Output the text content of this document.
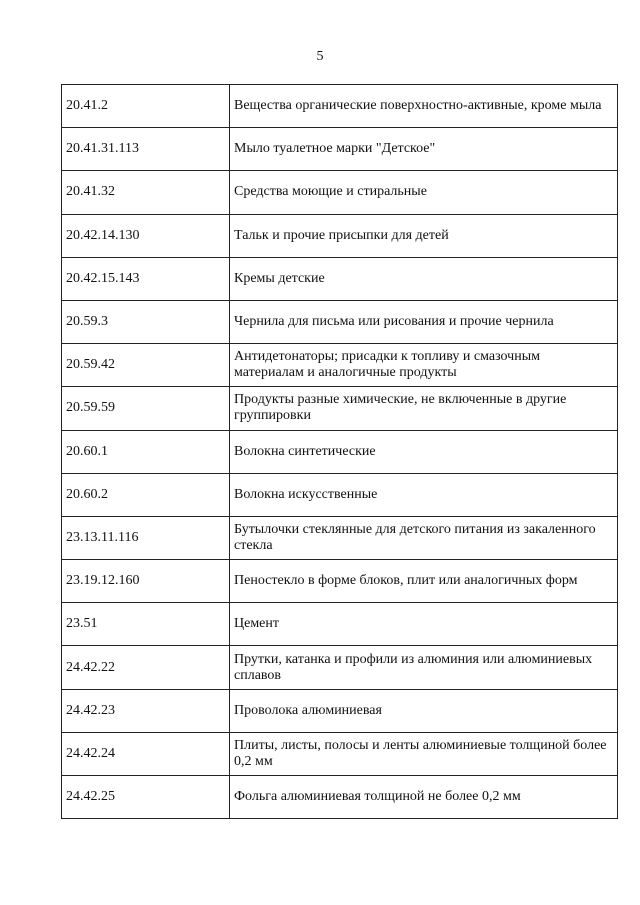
5
20.41.2	Вещества органические поверхностно-активные, кроме мыла
20.41.31.113	Мыло туалетное марки "Детское"
20.41.32	Средства моющие и стиральные
20.42.14.130	Тальк и прочие присыпки для детей
20.42.15.143	Кремы детские
20.59.3	Чернила для письма или рисования и прочие чернила
20.59.42	Антидетонаторы; присадки к топливу и смазочным материалам и аналогичные продукты
20.59.59	Продукты разные химические, не включенные в другие группировки
20.60.1	Волокна синтетические
20.60.2	Волокна искусственные
23.13.11.116	Бутылочки стеклянные для детского питания из закаленного стекла
23.19.12.160	Пеностекло в форме блоков, плит или аналогичных форм
23.51	Цемент
24.42.22	Прутки, катанка и профили из алюминия или алюминиевых сплавов
24.42.23	Проволока алюминиевая
24.42.24	Плиты, листы, полосы и ленты алюминиевые толщиной более 0,2 мм
24.42.25	Фольга алюминиевая толщиной не более 0,2 мм
